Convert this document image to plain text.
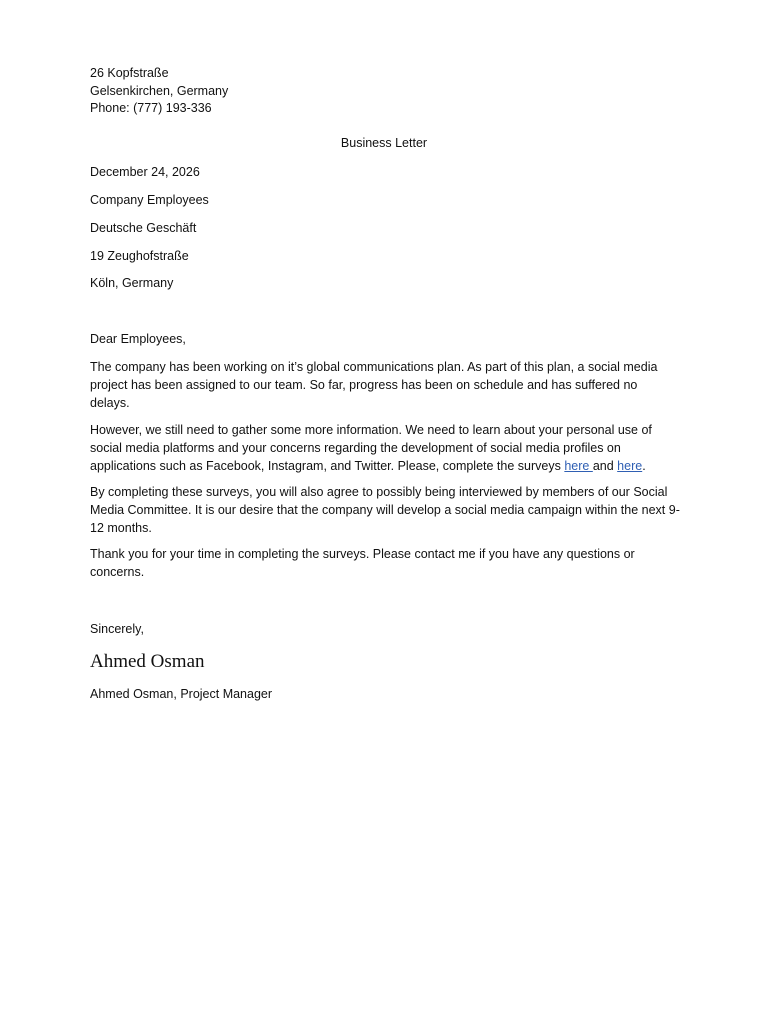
26 Kopfstraße
Gelsenkirchen, Germany
Phone: (777) 193-336
Business Letter
December 24, 2026
Company Employees
Deutsche Geschäft
19 Zeughofstraße
Köln, Germany
Dear Employees,
The company has been working on it’s global communications plan. As part of this plan, a social media project has been assigned to our team. So far, progress has been on schedule and has suffered no delays.
However, we still need to gather some more information. We need to learn about your personal use of social media platforms and your concerns regarding the development of social media profiles on applications such as Facebook, Instagram, and Twitter. Please, complete the surveys here and here.
By completing these surveys, you will also agree to possibly being interviewed by members of our Social Media Committee. It is our desire that the company will develop a social media campaign within the next 9-12 months.
Thank you for your time in completing the surveys. Please contact me if you have any questions or concerns.
Sincerely,
Ahmed Osman
Ahmed Osman, Project Manager
